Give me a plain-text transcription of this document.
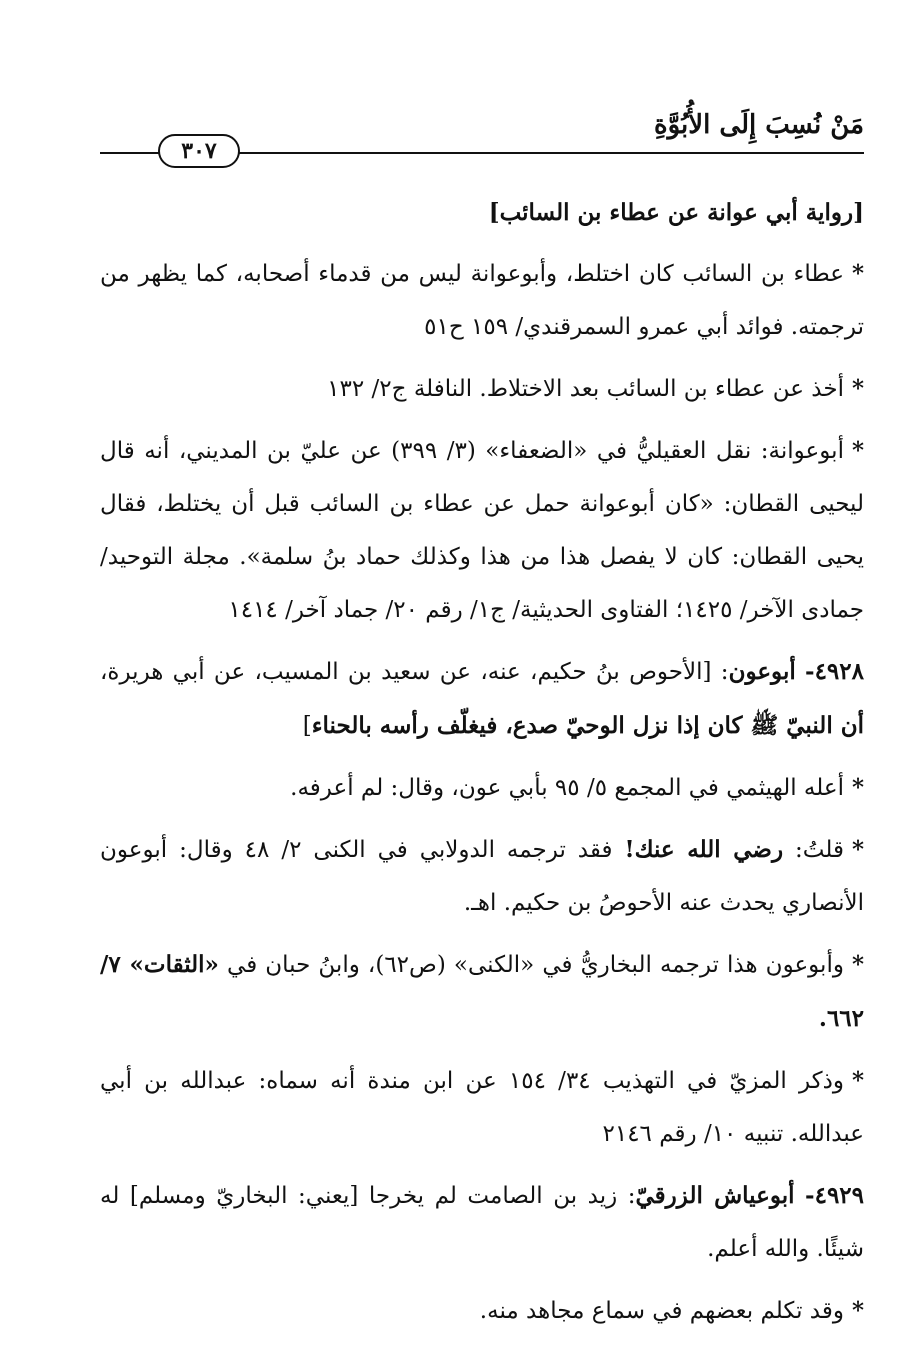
مَنْ نُسِبَ إِلَى الأُبُوَّةِ
٣٠٧

[رواية أبي عوانة عن عطاء بن السائب]

*عطاء بن السائب كان اختلط، وأبوعوانة ليس من قدماء أصحابه، كما يظهر من ترجمته. فوائد أبي عمرو السمرقندي/ ١٥٩ ح٥١

*أخذ عن عطاء بن السائب بعد الاختلاط. النافلة ج٢/ ١٣٢

*أبوعوانة: نقل العقيليُّ في «الضعفاء» (٣/ ٣٩٩) عن عليّ بن المديني، أنه قال ليحيى القطان: «كان أبوعوانة حمل عن عطاء بن السائب قبل أن يختلط، فقال يحيى القطان: كان لا يفصل هذا من هذا وكذلك حماد بنُ سلمة». مجلة التوحيد/ جمادى الآخر/ ١٤٢٥؛ الفتاوى الحديثية/ ج١/ رقم ٢٠/ جماد آخر/ ١٤١٤

٤٩٢٨- أبوعون: [الأحوص بنُ حكيم، عنه، عن سعيد بن المسيب، عن أبي هريرة، أن النبيّ ﷺ كان إذا نزل الوحيّ صدع، فيغلّف رأسه بالحناء]

*أعله الهيثمي في المجمع ٥/ ٩٥ بأبي عون، وقال: لم أعرفه.

*قلتُ: رضي الله عنك! فقد ترجمه الدولابي في الكنى ٢/ ٤٨ وقال: أبوعون الأنصاري يحدث عنه الأحوصُ بن حكيم. اهـ.

*وأبوعون هذا ترجمه البخاريُّ في «الكنى» (ص٦٢)، وابنُ حبان في «الثقات» ٧/ ٦٦٢.

*وذكر المزيّ في التهذيب ٣٤/ ١٥٤ عن ابن مندة أنه سماه: عبدالله بن أبي عبدالله. تنبيه ١٠/ رقم ٢١٤٦

٤٩٢٩- أبوعياش الزرقيّ: زيد بن الصامت لم يخرجا [يعني: البخاريّ ومسلم] له شيئًا. والله أعلم.

*وقد تكلم بعضهم في سماع مجاهد منه.
